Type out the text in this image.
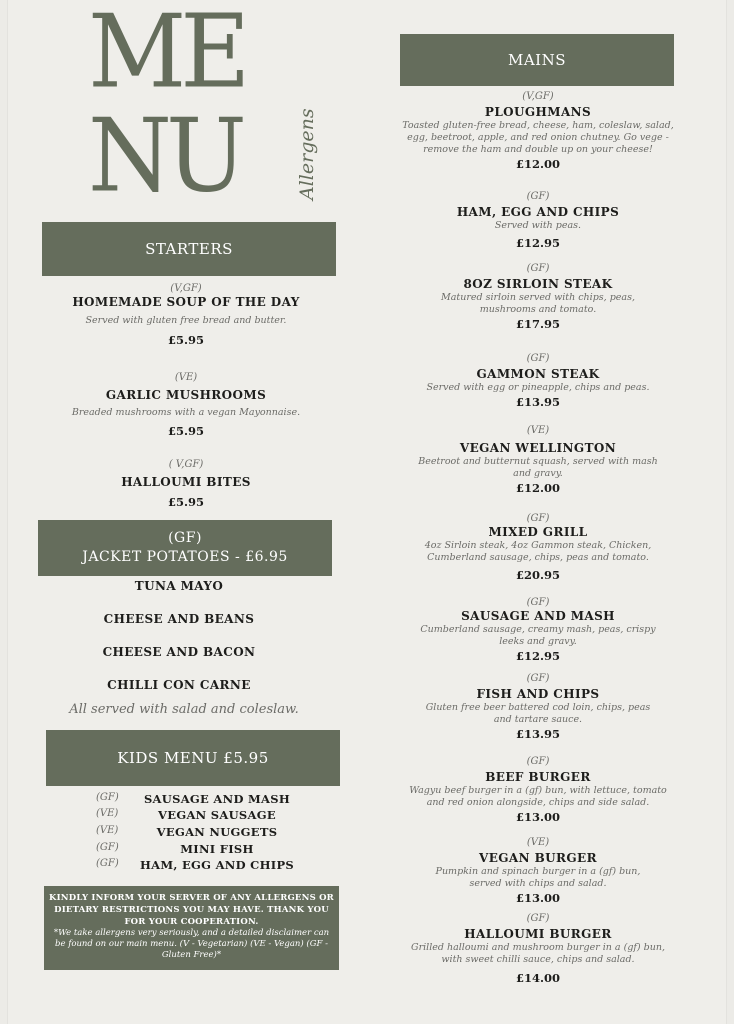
ME
NU	Allergens
STARTERS
(V,GF)
HOMEMADE SOUP OF THE DAY
Served with gluten free bread and butter.
£5.95
(VE)
GARLIC MUSHROOMS
Breaded mushrooms with a vegan Mayonnaise.
£5.95
( V,GF)
HALLOUMI BITES
£5.95
(GF)
JACKET POTATOES - £6.95
TUNA MAYO
CHEESE AND BEANS
CHEESE AND BACON
CHILLI CON CARNE
All served with salad and coleslaw.
KIDS MENU £5.95
(GF)	SAUSAGE AND MASH
(VE)	VEGAN SAUSAGE
(VE)	VEGAN NUGGETS
(GF)	MINI FISH
(GF)	HAM, EGG AND CHIPS
KINDLY INFORM YOUR SERVER OF ANY ALLERGENS OR DIETARY RESTRICTIONS YOU MAY HAVE. THANK YOU FOR YOUR COOPERATION.
*We take allergens very seriously, and a detailed disclaimer can be found on our main menu. (V - Vegetarian) (VE - Vegan) (GF - Gluten Free)*
MAINS
(V,GF)
PLOUGHMANS
Toasted gluten-free bread, cheese, ham, coleslaw, salad, egg, beetroot, apple, and red onion chutney. Go vege - remove the ham and double up on your cheese!
£12.00
(GF)
HAM, EGG AND CHIPS
Served with peas.
£12.95
(GF)
8OZ SIRLOIN STEAK
Matured sirloin served with chips, peas, mushrooms and tomato.
£17.95
(GF)
GAMMON STEAK
Served with egg or pineapple, chips and peas.
£13.95
(VE)
VEGAN WELLINGTON
Beetroot and butternut squash, served with mash and gravy.
£12.00
(GF)
MIXED GRILL
4oz Sirloin steak, 4oz Gammon steak, Chicken, Cumberland sausage, chips, peas and tomato.
£20.95
(GF)
SAUSAGE AND MASH
Cumberland sausage, creamy mash, peas, crispy leeks and gravy.
£12.95
(GF)
FISH AND CHIPS
Gluten free beer battered cod loin, chips, peas and tartare sauce.
£13.95
(GF)
BEEF BURGER
Wagyu beef burger in a (gf) bun, with lettuce, tomato and red onion alongside, chips and side salad.
£13.00
(VE)
VEGAN BURGER
Pumpkin and spinach burger in a (gf) bun, served with chips and salad.
£13.00
(GF)
HALLOUMI BURGER
Grilled halloumi and mushroom burger in a (gf) bun, with sweet chilli sauce, chips and salad.
£14.00
